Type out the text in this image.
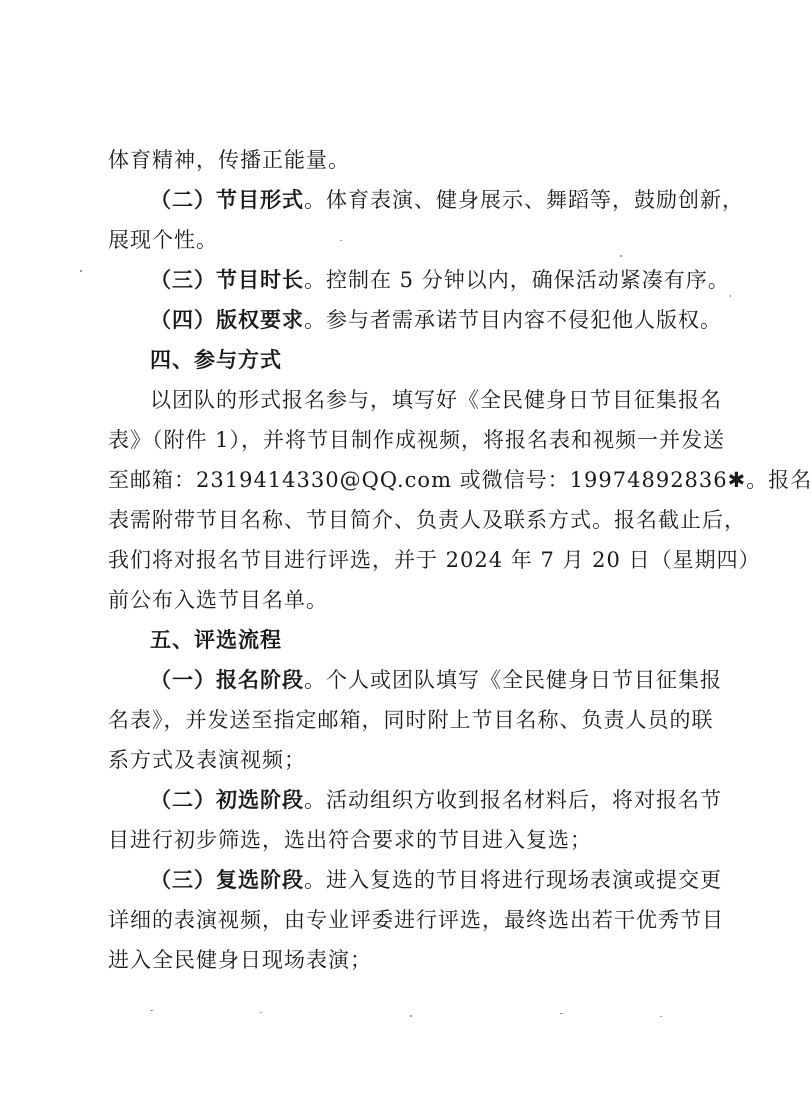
体育精神，传播正能量。
（二）节目形式。体育表演、健身展示、舞蹈等，鼓励创新，
展现个性。
（三）节目时长。控制在 5 分钟以内，确保活动紧凑有序。
（四）版权要求。参与者需承诺节目内容不侵犯他人版权。
四、参与方式
以团队的形式报名参与，填写好《全民健身日节目征集报名
表》（附件 1），并将节目制作成视频，将报名表和视频一并发送
至邮箱：2319414330@QQ.com 或微信号：19974892836✱。报名
表需附带节目名称、节目简介、负责人及联系方式。报名截止后，
我们将对报名节目进行评选，并于 2024 年 7 月 20 日（星期四）
前公布入选节目名单。
五、评选流程
（一）报名阶段。个人或团队填写《全民健身日节目征集报
名表》，并发送至指定邮箱，同时附上节目名称、负责人员的联
系方式及表演视频；
（二）初选阶段。活动组织方收到报名材料后，将对报名节
目进行初步筛选，选出符合要求的节目进入复选；
（三）复选阶段。进入复选的节目将进行现场表演或提交更
详细的表演视频，由专业评委进行评选，最终选出若干优秀节目
进入全民健身日现场表演；
